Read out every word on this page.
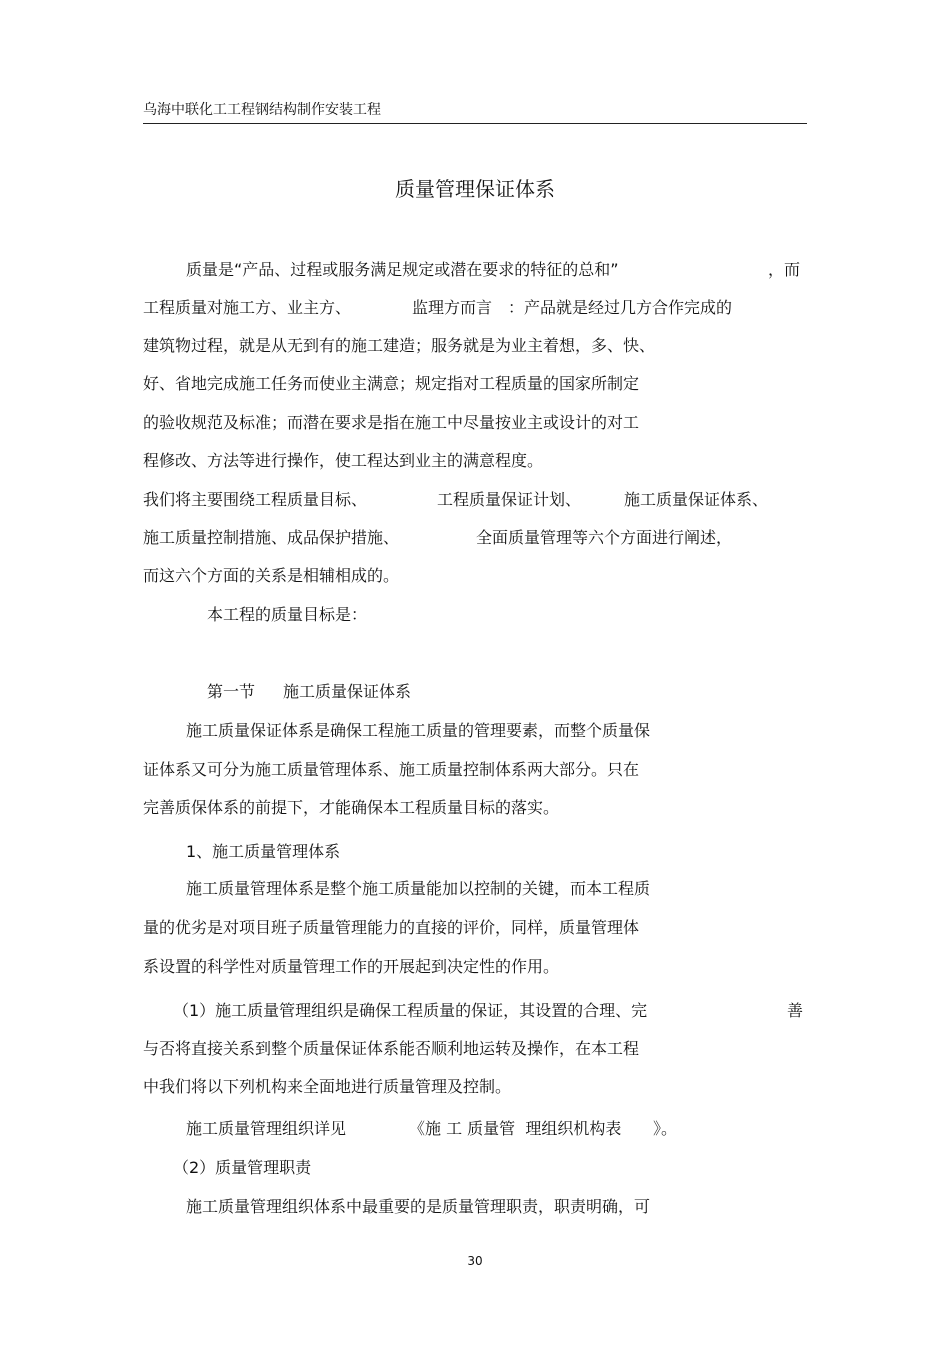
乌海中联化工工程钢结构制作安装工程
质量管理保证体系
质量是“产品、过程或服务满足规定或潜在要求的特征的总和”	，而
工程质量对施工方、业主方、	监理方而言 ：产品就是经过几方合作完成的
建筑物过程，就是从无到有的施工建造；服务就是为业主着想，多、快、
好、省地完成施工任务而使业主满意；规定指对工程质量的国家所制定
的验收规范及标准；而潜在要求是指在施工中尽量按业主或设计的对工
程修改、方法等进行操作，使工程达到业主的满意程度。
我们将主要围绕工程质量目标、	工程质量保证计划、	施工质量保证体系、
施工质量控制措施、成品保护措施、	全面质量管理等六个方面进行阐述，
而这六个方面的关系是相辅相成的。
本工程的质量目标是：
第一节 施工质量保证体系
施工质量保证体系是确保工程施工质量的管理要素，而整个质量保
证体系又可分为施工质量管理体系、施工质量控制体系两大部分。只在
完善质保体系的前提下，才能确保本工程质量目标的落实。
1、施工质量管理体系
施工质量管理体系是整个施工质量能加以控制的关键，而本工程质
量的优劣是对项目班子质量管理能力的直接的评价，同样，质量管理体
系设置的科学性对质量管理工作的开展起到决定性的作用。
（1）施工质量管理组织是确保工程质量的保证，其设置的合理、完	善
与否将直接关系到整个质量保证体系能否顺利地运转及操作，在本工程
中我们将以下列机构来全面地进行质量管理及控制。
施工质量管理组织详见	《施 工 质量管  理组织机构表 》。
（2）质量管理职责
施工质量管理组织体系中最重要的是质量管理职责，职责明确，可
30
